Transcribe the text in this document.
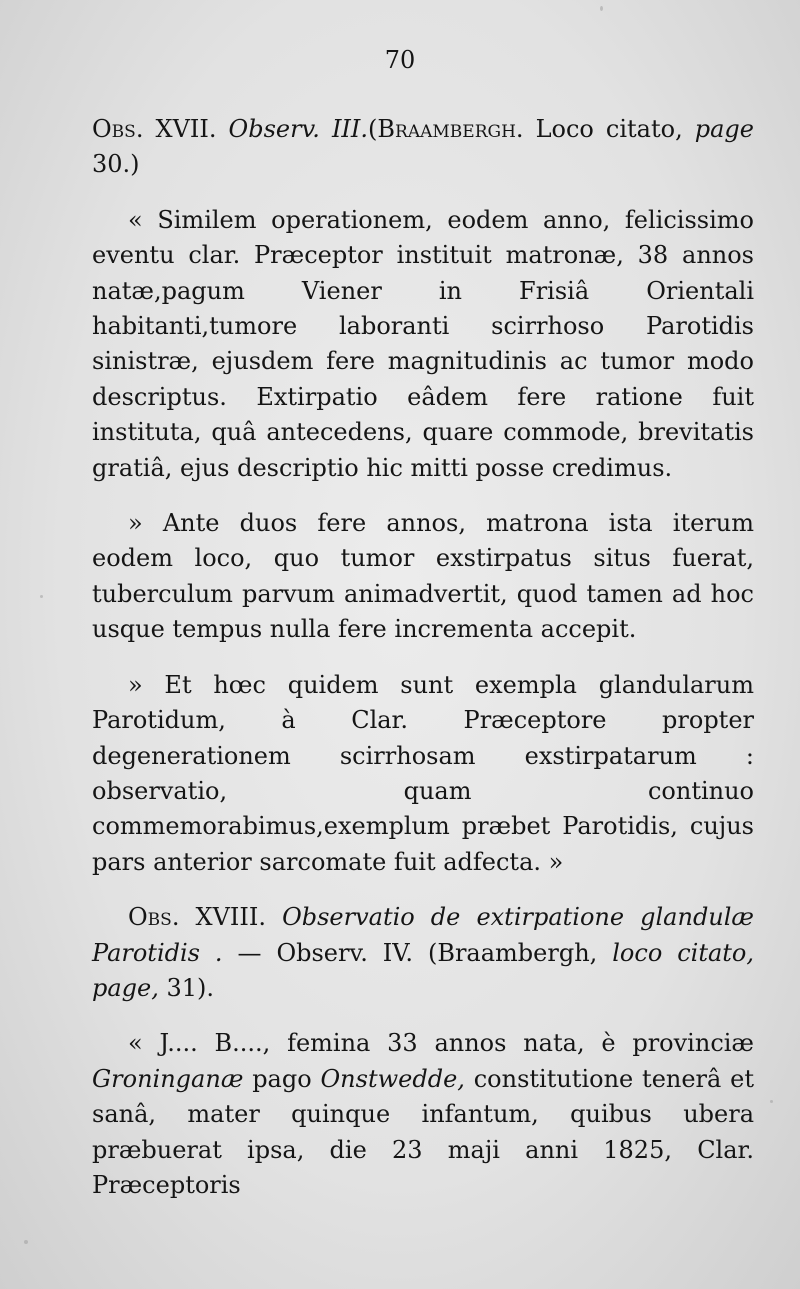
70

Obs. XVII. Observ. III.(Braambergh. Loco citato, page 30.)

« Similem operationem, eodem anno, felicissimo eventu clar. Præceptor instituit matronæ, 38 annos natæ,pagum Viener in Frisiâ Orientali habitanti,tumore laboranti scirrhoso Parotidis sinistræ, ejusdem fere magnitudinis ac tumor modo descriptus. Extirpatio eâdem fere ratione fuit instituta, quâ antecedens, quare commode, brevitatis gratiâ, ejus descriptio hic mitti posse credimus.

» Ante duos fere annos, matrona ista iterum eodem loco, quo tumor exstirpatus situs fuerat, tuberculum parvum animadvertit, quod tamen ad hoc usque tempus nulla fere incrementa accepit.

» Et hœc quidem sunt exempla glandularum Parotidum, à Clar. Præceptore propter degenerationem scirrhosam exstirpatarum : observatio, quam continuo commemorabimus,exemplum præbet Parotidis, cujus pars anterior sarcomate fuit adfecta. »

Obs. XVIII. Observatio de extirpatione glandulæ Parotidis . — Observ. IV. (Braambergh, loco citato, page, 31).

« J.... B...., femina 33 annos nata, è provinciæ Groninganæ pago Onstwedde, constitutione tenerâ et sanâ, mater quinque infantum, quibus ubera præbuerat ipsa, die 23 maji anni 1825, Clar. Præceptoris
